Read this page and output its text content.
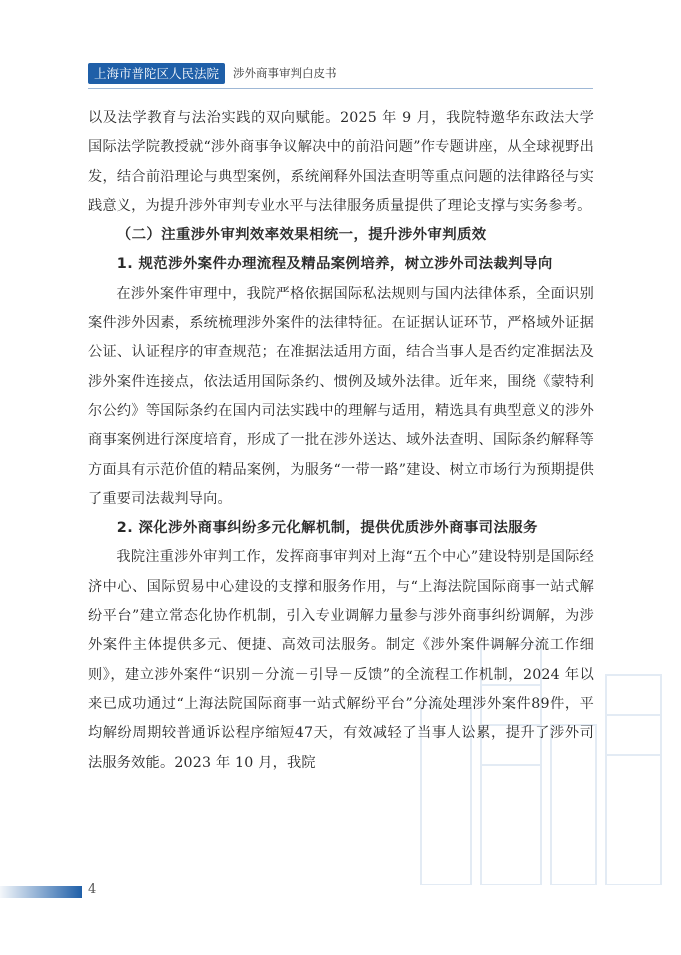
上海市普陀区人民法院	涉外商事审判白皮书

以及法学教育与法治实践的双向赋能。2025 年 9 月，我院特邀华东政法大学国际法学院教授就“涉外商事争议解决中的前沿问题”作专题讲座，从全球视野出发，结合前沿理论与典型案例，系统阐释外国法查明等重点问题的法律路径与实践意义，为提升涉外审判专业水平与法律服务质量提供了理论支撑与实务参考。

（二）注重涉外审判效率效果相统一，提升涉外审判质效

1. 规范涉外案件办理流程及精品案例培养，树立涉外司法裁判导向

在涉外案件审理中，我院严格依据国际私法规则与国内法律体系，全面识别案件涉外因素，系统梳理涉外案件的法律特征。在证据认证环节，严格域外证据公证、认证程序的审查规范；在准据法适用方面，结合当事人是否约定准据法及涉外案件连接点，依法适用国际条约、惯例及域外法律。近年来，围绕《蒙特利尔公约》等国际条约在国内司法实践中的理解与适用，精选具有典型意义的涉外商事案例进行深度培育，形成了一批在涉外送达、域外法查明、国际条约解释等方面具有示范价值的精品案例，为服务“一带一路”建设、树立市场行为预期提供了重要司法裁判导向。

2. 深化涉外商事纠纷多元化解机制，提供优质涉外商事司法服务

我院注重涉外审判工作，发挥商事审判对上海“五个中心”建设特别是国际经济中心、国际贸易中心建设的支撑和服务作用，与“上海法院国际商事一站式解纷平台”建立常态化协作机制，引入专业调解力量参与涉外商事纠纷调解，为涉外案件主体提供多元、便捷、高效司法服务。制定《涉外案件调解分流工作细则》，建立涉外案件“识别－分流－引导－反馈”的全流程工作机制，2024 年以来已成功通过“上海法院国际商事一站式解纷平台”分流处理涉外案件89件，平均解纷周期较普通诉讼程序缩短47天，有效减轻了当事人讼累，提升了涉外司法服务效能。2023 年 10 月，我院

4
